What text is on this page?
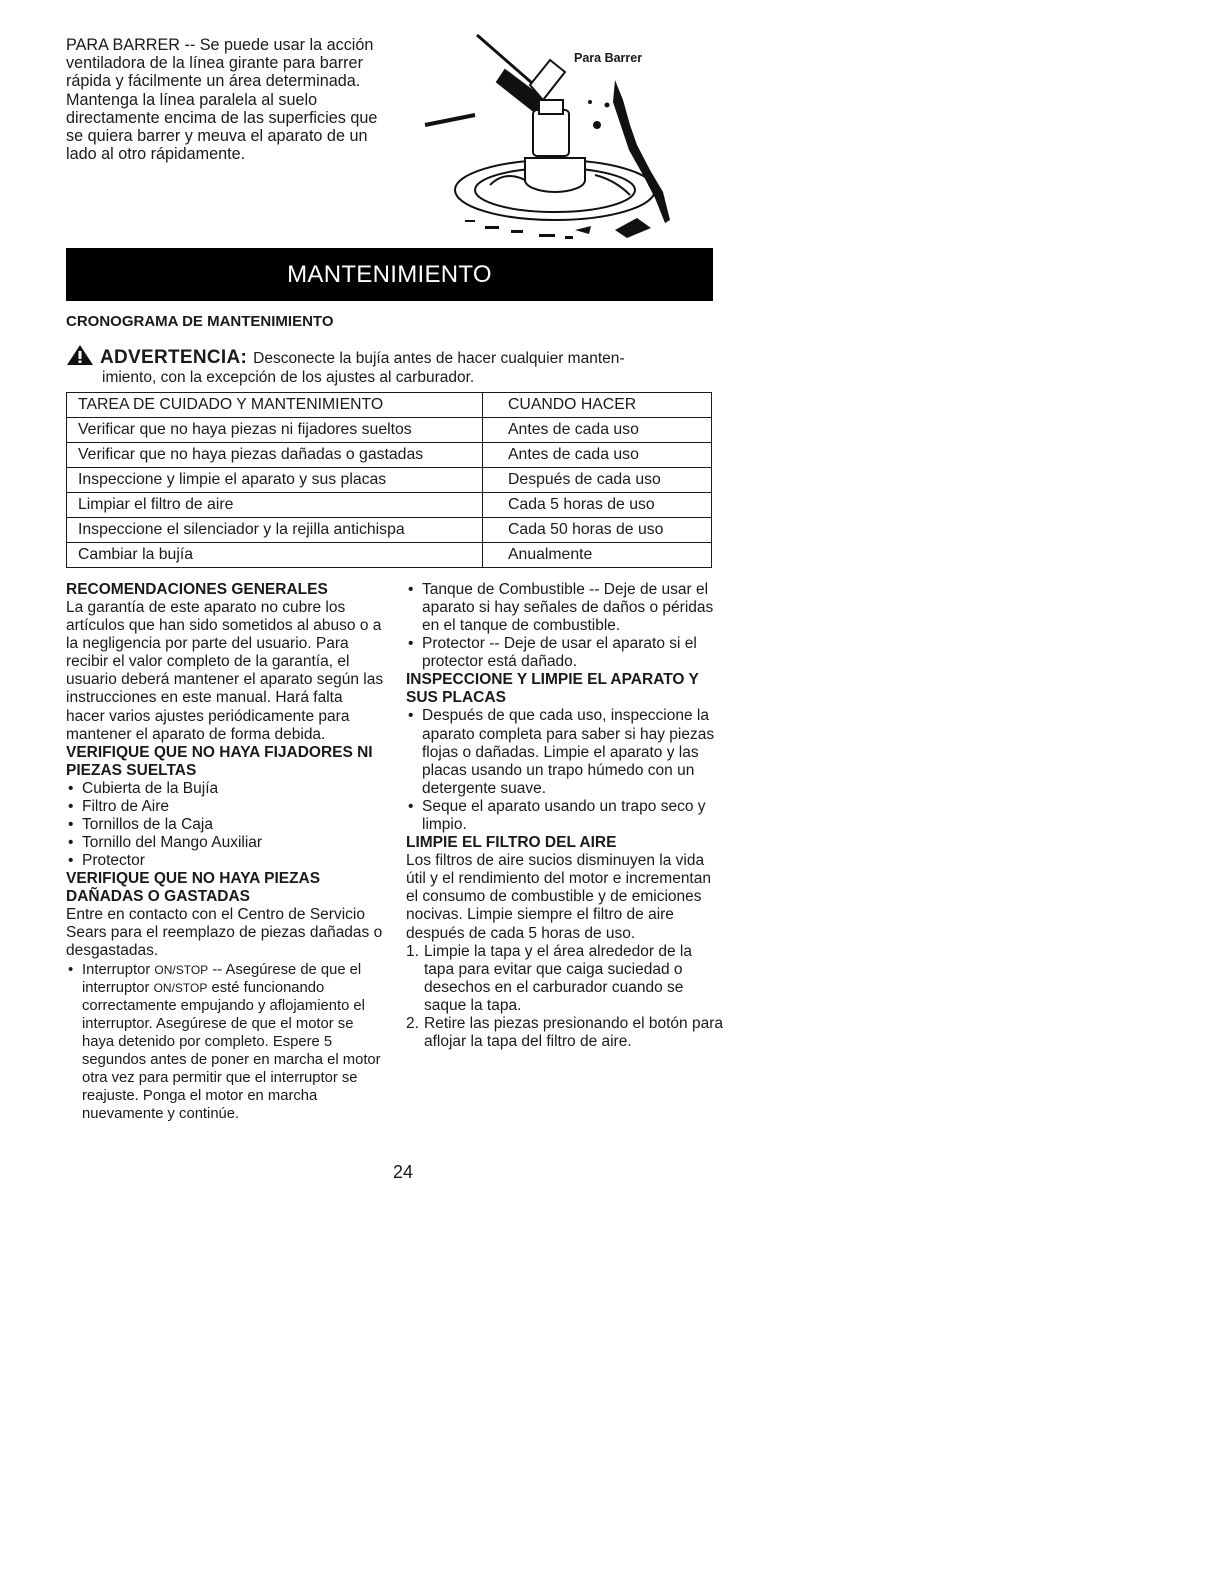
PARA BARRER -- Se puede usar la acción ventiladora de la línea girante para barrer rápida y fácilmente un área determinada. Mantenga la línea paralela al suelo directamente encima de las superficies que se quiera barrer y meuva el aparato de un lado al otro rápidamente.

Para Barrer
MANTENIMIENTO
CRONOGRAMA DE MANTENIMIENTO
ADVERTENCIA: Desconecte la bujía antes de hacer cualquier manten-
imiento, con la excepción de los ajustes al carburador.
TAREA DE CUIDADO Y MANTENIMIENTO	CUANDO HACER
Verificar que no haya piezas ni fijadores sueltos	Antes de cada uso
Verificar que no haya piezas dañadas o gastadas	Antes de cada uso
Inspeccione y limpie el aparato y sus placas	Después de cada uso
Limpiar el filtro de aire	Cada 5 horas de uso
Inspeccione el silenciador y la rejilla antichispa	Cada 50 horas de uso
Cambiar la bujía	Anualmente
RECOMENDACIONES GENERALES

La garantía de este aparato no cubre los artículos que han sido sometidos al abuso o a la negligencia por parte del usuario. Para recibir el valor completo de la garantía, el usuario deberá mantener el aparato según las instrucciones en este manual. Hará falta hacer varios ajustes periódicamente para mantener el aparato de forma debida.

VERIFIQUE QUE NO HAYA FIJADORES NI PIEZAS SUELTAS
• Cubierta de la Bujía
• Filtro de Aire
• Tornillos de la Caja
• Tornillo del Mango Auxiliar
• Protector
VERIFIQUE QUE NO HAYA PIEZAS DAÑADAS O GASTADAS

Entre en contacto con el Centro de Servicio Sears para el reemplazo de piezas dañadas o desgastadas.

• Interruptor ON/STOP -- Asegúrese de que el interruptor ON/STOP esté funcionando correctamente empujando y aflojamiento el interruptor. Asegúrese de que el motor se haya detenido por completo. Espere 5 segundos antes de poner en marcha el motor otra vez para permitir que el interruptor se reajuste. Ponga el motor en marcha nuevamente y continúe.
• Tanque de Combustible -- Deje de usar el aparato si hay señales de daños o péridas en el tanque de combustible.
• Protector -- Deje de usar el aparato si el protector está dañado.
INSPECCIONE Y LIMPIE EL APARATO Y SUS PLACAS
• Después de que cada uso, inspeccione la aparato completa para saber si hay piezas flojas o dañadas. Limpie el aparato y las placas usando un trapo húmedo con un detergente suave.
• Seque el aparato usando un trapo seco y limpio.
LIMPIE EL FILTRO DEL AIRE

Los filtros de aire sucios disminuyen la vida útil y el rendimiento del motor e incrementan el consumo de combustible y de emiciones nocivas. Limpie siempre el filtro de aire después de cada 5 horas de uso.

1. Limpie la tapa y el área alrededor de la tapa para evitar que caiga suciedad o desechos en el carburador cuando se saque la tapa.
2. Retire las piezas presionando el botón para aflojar la tapa del filtro de aire.
24
